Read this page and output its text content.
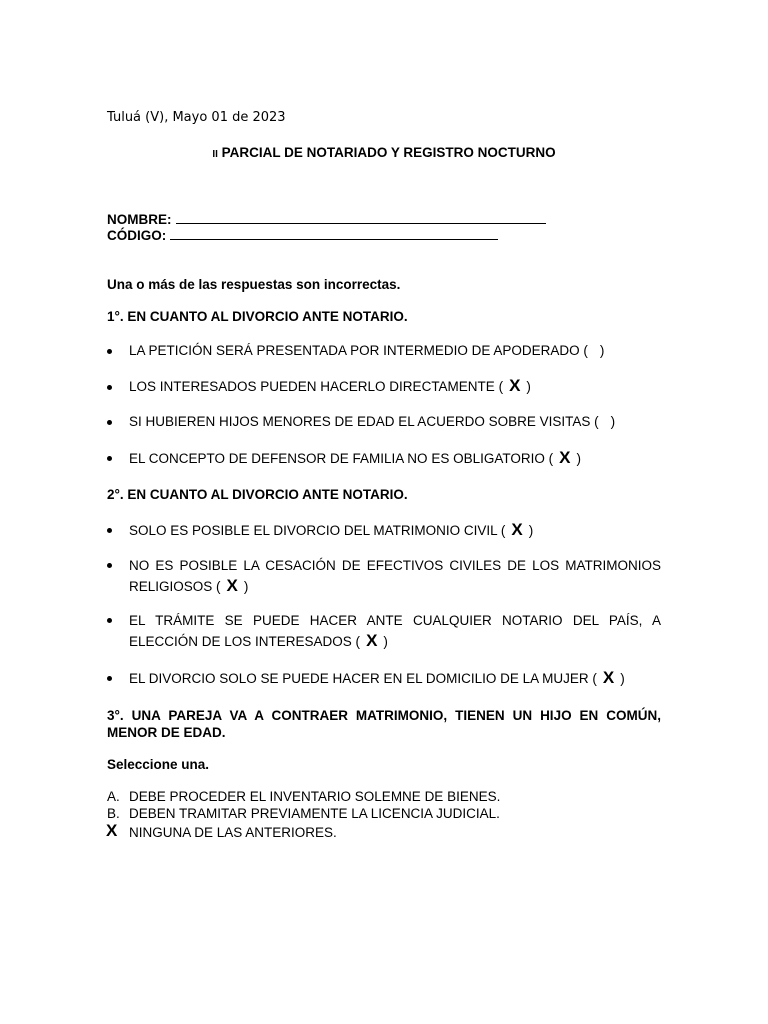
Tuluá (V), Mayo 01 de 2023
II PARCIAL DE NOTARIADO Y REGISTRO NOCTURNO
NOMBRE:
CÓDIGO:
Una o más de las respuestas son incorrectas.
1°. EN CUANTO AL DIVORCIO ANTE NOTARIO.
LA PETICIÓN SERÁ PRESENTADA POR INTERMEDIO DE APODERADO ( )
LOS INTERESADOS PUEDEN HACERLO DIRECTAMENTE ( X )
SI HUBIEREN HIJOS MENORES DE EDAD EL ACUERDO SOBRE VISITAS ( )
EL CONCEPTO DE DEFENSOR DE FAMILIA NO ES OBLIGATORIO ( X )
2°. EN CUANTO AL DIVORCIO ANTE NOTARIO.
SOLO ES POSIBLE EL DIVORCIO DEL MATRIMONIO CIVIL ( X )
NO ES POSIBLE LA CESACIÓN DE EFECTIVOS CIVILES DE LOS MATRIMONIOS RELIGIOSOS ( X )
EL TRÁMITE SE PUEDE HACER ANTE CUALQUIER NOTARIO DEL PAÍS, A ELECCIÓN DE LOS INTERESADOS ( X )
EL DIVORCIO SOLO SE PUEDE HACER EN EL DOMICILIO DE LA MUJER ( X )
3°. UNA PAREJA VA A CONTRAER MATRIMONIO, TIENEN UN HIJO EN COMÚN, MENOR DE EDAD.
Seleccione una.
A. DEBE PROCEDER EL INVENTARIO SOLEMNE DE BIENES.
B. DEBEN TRAMITAR PREVIAMENTE LA LICENCIA JUDICIAL.
X NINGUNA DE LAS ANTERIORES.
